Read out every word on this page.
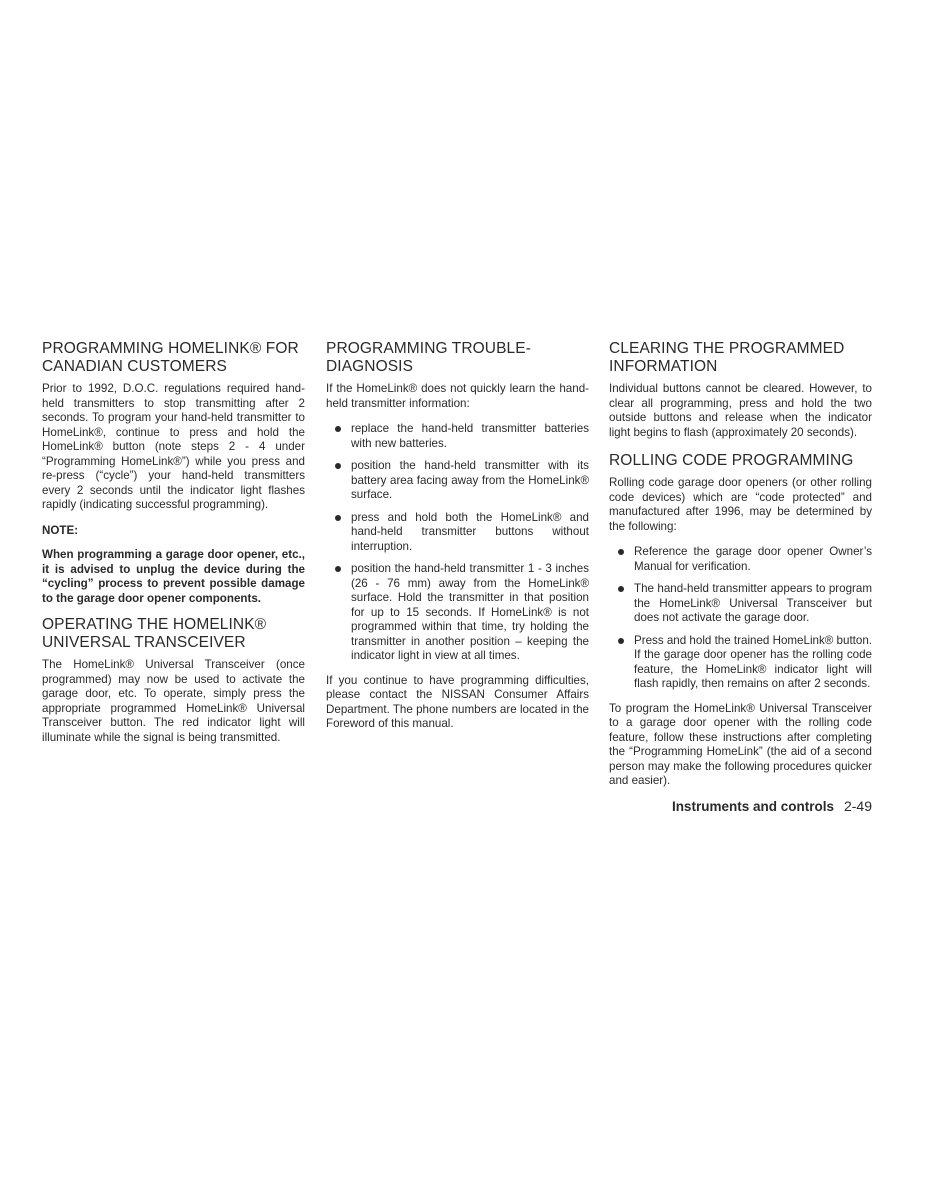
PROGRAMMING HOMELINK® FOR CANADIAN CUSTOMERS

Prior to 1992, D.O.C. regulations required hand-held transmitters to stop transmitting after 2 seconds. To program your hand-held transmitter to HomeLink®, continue to press and hold the HomeLink® button (note steps 2 - 4 under “Programming HomeLink®”) while you press and re-press (“cycle”) your hand-held transmitters every 2 seconds until the indicator light flashes rapidly (indicating successful programming).

NOTE:

When programming a garage door opener, etc., it is advised to unplug the device during the “cycling” process to prevent possible damage to the garage door opener components.

OPERATING THE HOMELINK® UNIVERSAL TRANSCEIVER

The HomeLink® Universal Transceiver (once programmed) may now be used to activate the garage door, etc. To operate, simply press the appropriate programmed HomeLink® Universal Transceiver button. The red indicator light will illuminate while the signal is being transmitted.

PROGRAMMING TROUBLE-DIAGNOSIS

If the HomeLink® does not quickly learn the hand-held transmitter information:

replace the hand-held transmitter batteries with new batteries.
position the hand-held transmitter with its battery area facing away from the HomeLink® surface.
press and hold both the HomeLink® and hand-held transmitter buttons without interruption.
position the hand-held transmitter 1 - 3 inches (26 - 76 mm) away from the HomeLink® surface. Hold the transmitter in that position for up to 15 seconds. If HomeLink® is not programmed within that time, try holding the transmitter in another position – keeping the indicator light in view at all times.

If you continue to have programming difficulties, please contact the NISSAN Consumer Affairs Department. The phone numbers are located in the Foreword of this manual.

CLEARING THE PROGRAMMED INFORMATION

Individual buttons cannot be cleared. However, to clear all programming, press and hold the two outside buttons and release when the indicator light begins to flash (approximately 20 seconds).

ROLLING CODE PROGRAMMING

Rolling code garage door openers (or other rolling code devices) which are “code protected” and manufactured after 1996, may be determined by the following:

Reference the garage door opener Owner’s Manual for verification.
The hand-held transmitter appears to program the HomeLink® Universal Transceiver but does not activate the garage door.
Press and hold the trained HomeLink® button. If the garage door opener has the rolling code feature, the HomeLink® indicator light will flash rapidly, then remains on after 2 seconds.

To program the HomeLink® Universal Transceiver to a garage door opener with the rolling code feature, follow these instructions after completing the “Programming HomeLink” (the aid of a second person may make the following procedures quicker and easier).

Instruments and controls 2-49
